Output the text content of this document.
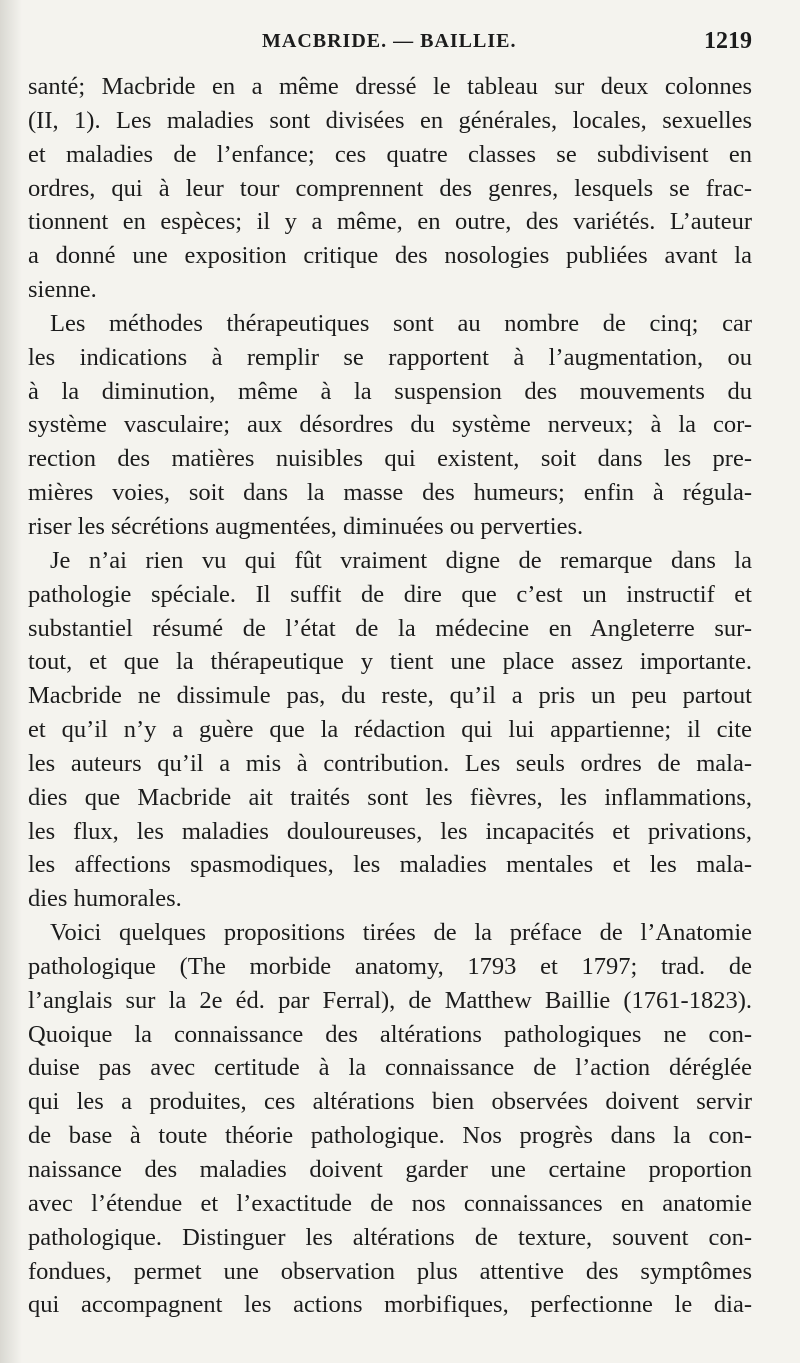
MACBRIDE. — BAILLIE.	1219
santé; Macbride en a même dressé le tableau sur deux colonnes
(II, 1). Les maladies sont divisées en générales, locales, sexuelles
et maladies de l’enfance; ces quatre classes se subdivisent en
ordres, qui à leur tour comprennent des genres, lesquels se frac-
tionnent en espèces; il y a même, en outre, des variétés. L’auteur
a donné une exposition critique des nosologies publiées avant la
sienne.
Les méthodes thérapeutiques sont au nombre de cinq; car
les indications à remplir se rapportent à l’augmentation, ou
à la diminution, même à la suspension des mouvements du
système vasculaire; aux désordres du système nerveux; à la cor-
rection des matières nuisibles qui existent, soit dans les pre-
mières voies, soit dans la masse des humeurs; enfin à régula-
riser les sécrétions augmentées, diminuées ou perverties.
Je n’ai rien vu qui fût vraiment digne de remarque dans la
pathologie spéciale. Il suffit de dire que c’est un instructif et
substantiel résumé de l’état de la médecine en Angleterre sur-
tout, et que la thérapeutique y tient une place assez importante.
Macbride ne dissimule pas, du reste, qu’il a pris un peu partout
et qu’il n’y a guère que la rédaction qui lui appartienne; il cite
les auteurs qu’il a mis à contribution. Les seuls ordres de mala-
dies que Macbride ait traités sont les fièvres, les inflammations,
les flux, les maladies douloureuses, les incapacités et privations,
les affections spasmodiques, les maladies mentales et les mala-
dies humorales.
Voici quelques propositions tirées de la préface de l’Anatomie
pathologique (The morbide anatomy, 1793 et 1797; trad. de
l’anglais sur la 2e éd. par Ferral), de Matthew Baillie (1761-1823).
Quoique la connaissance des altérations pathologiques ne con-
duise pas avec certitude à la connaissance de l’action déréglée
qui les a produites, ces altérations bien observées doivent servir
de base à toute théorie pathologique. Nos progrès dans la con-
naissance des maladies doivent garder une certaine proportion
avec l’étendue et l’exactitude de nos connaissances en anatomie
pathologique. Distinguer les altérations de texture, souvent con-
fondues, permet une observation plus attentive des symptômes
qui accompagnent les actions morbifiques, perfectionne le dia-
